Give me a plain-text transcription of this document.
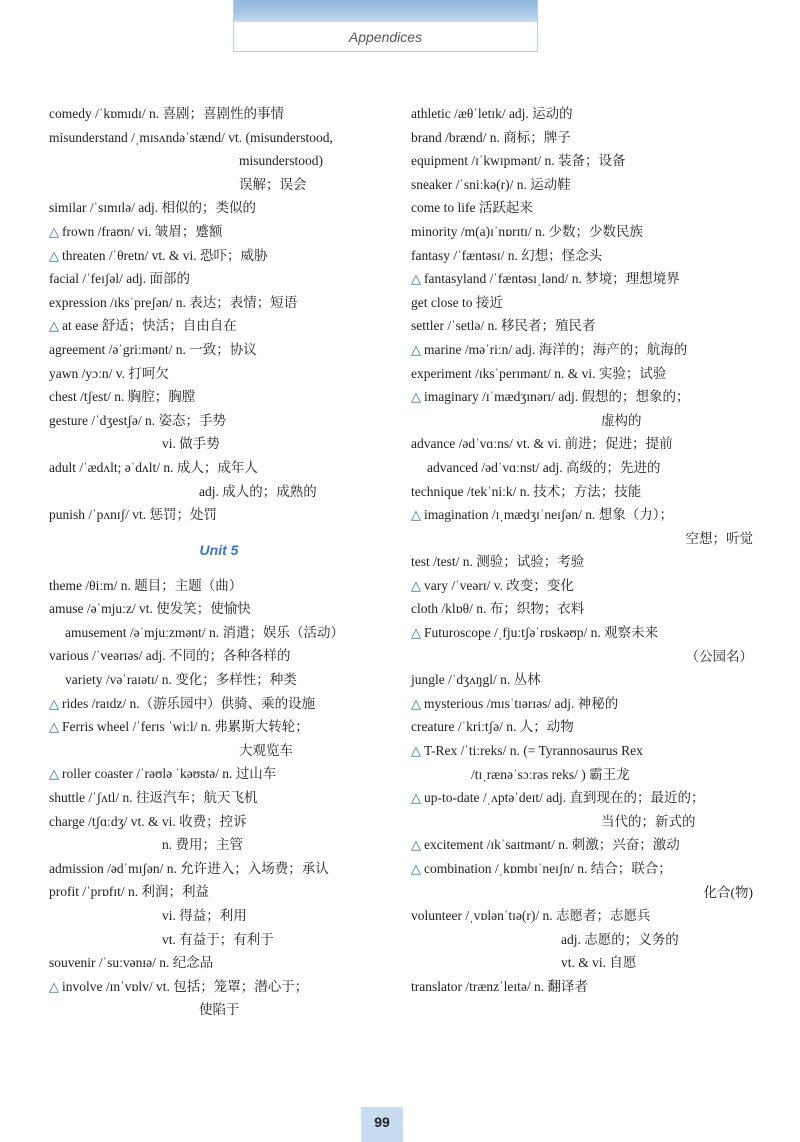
Appendices
comedy /ˈkɒmɪdɪ/ n. 喜剧；喜剧性的事情
misunderstand /ˌmɪsʌndəˈstænd/ vt. (misunderstood,
misunderstood)
误解；误会
similar /ˈsɪmɪlə/ adj. 相似的；类似的
△ frown /fraʊn/ vi. 皱眉；蹙额
△ threaten /ˈθretn/ vt. & vi. 恐吓；威胁
facial /ˈfeɪʃəl/ adj. 面部的
expression /ɪksˈpreʃən/ n. 表达；表情；短语
△ at ease 舒适；快活；自由自在
agreement /əˈgriːmənt/ n. 一致；协议
yawn /yɔːn/ v. 打呵欠
chest /tʃest/ n. 胸腔；胸膛
gesture /ˈdʒestʃə/ n. 姿态；手势
vi. 做手势
adult /ˈædʌlt; əˈdʌlt/ n. 成人；成年人
adj. 成人的；成熟的
punish /ˈpʌnɪʃ/ vt. 惩罚；处罚
Unit 5
theme /θiːm/ n. 题目；主题（曲）
amuse /əˈmjuːz/ vt. 使发笑；使愉快
amusement /əˈmjuːzmənt/ n. 消遣；娱乐（活动）
various /ˈveərɪəs/ adj. 不同的；各种各样的
variety /vəˈraɪətɪ/ n. 变化；多样性；种类
△ rides /raɪdz/ n.（游乐园中）供骑、乘的设施
△ Ferris wheel /ˈferɪs ˈwiːl/ n. 弗累斯大转轮；
大观览车
△ roller coaster /ˈrəʊlə ˈkəʊstə/ n. 过山车
shuttle /ˈʃʌtl/ n. 往返汽车；航天飞机
charge /tʃɑːdʒ/ vt. & vi. 收费；控诉
n. 费用；主管
admission /ədˈmɪʃən/ n. 允许进入；入场费；承认
profit /ˈprɒfɪt/ n. 利润；利益
vi. 得益；利用
vt. 有益于；有利于
souvenir /ˈsuːvənɪə/ n. 纪念品
△ involve /ɪnˈvɒlv/ vt. 包括；笼罩；潜心于；
使陷于
athletic /æθˈletɪk/ adj. 运动的
brand /brænd/ n. 商标；牌子
equipment /ɪˈkwɪpmənt/ n. 装备；设备
sneaker /ˈsniːkə(r)/ n. 运动鞋
come to life 活跃起来
minority /m(a)ɪˈnɒrɪtɪ/ n. 少数；少数民族
fantasy /ˈfæntəsɪ/ n. 幻想；怪念头
△ fantasyland /ˈfæntəsɪˌlənd/ n. 梦境；理想境界
get close to 接近
settler /ˈsetlə/ n. 移民者；殖民者
△ marine /məˈriːn/ adj. 海洋的；海产的；航海的
experiment /ɪksˈperɪmənt/ n. & vi. 实验；试验
△ imaginary /ɪˈmædʒɪnərɪ/ adj. 假想的；想象的；
虚构的
advance /ədˈvɑːns/ vt. & vi. 前进；促进；提前
advanced /ədˈvɑːnst/ adj. 高级的；先进的
technique /tekˈniːk/ n. 技术；方法；技能
△ imagination /ɪˌmædʒɪˈneɪʃən/ n. 想象（力）；
空想；听觉
test /test/ n. 测验；试验；考验
△ vary /ˈveərɪ/ v. 改变；变化
cloth /klɒθ/ n. 布；织物；衣料
△ Futuroscope /ˌfjuːtʃəˈrɒskəʊp/ n. 观察未来
（公园名）
jungle /ˈdʒʌŋgl/ n. 丛林
△ mysterious /mɪsˈtɪərɪəs/ adj. 神秘的
creature /ˈkriːtʃə/ n. 人；动物
△ T-Rex /ˈtiːreks/ n. (= Tyrannosaurus Rex
/tɪˌrænəˈsɔːrəs reks/ ) 霸王龙
△ up-to-date /ˌʌptəˈdeɪt/ adj. 直到现在的；最近的；
当代的；新式的
△ excitement /ɪkˈsaɪtmənt/ n. 刺激；兴奋；激动
△ combination /ˌkɒmbɪˈneɪʃn/ n. 结合；联合；
化合(物)
volunteer /ˌvɒlənˈtɪə(r)/ n. 志愿者；志愿兵
adj. 志愿的；义务的
vt. & vi. 自愿
translator /trænzˈleɪtə/ n. 翻译者
99
